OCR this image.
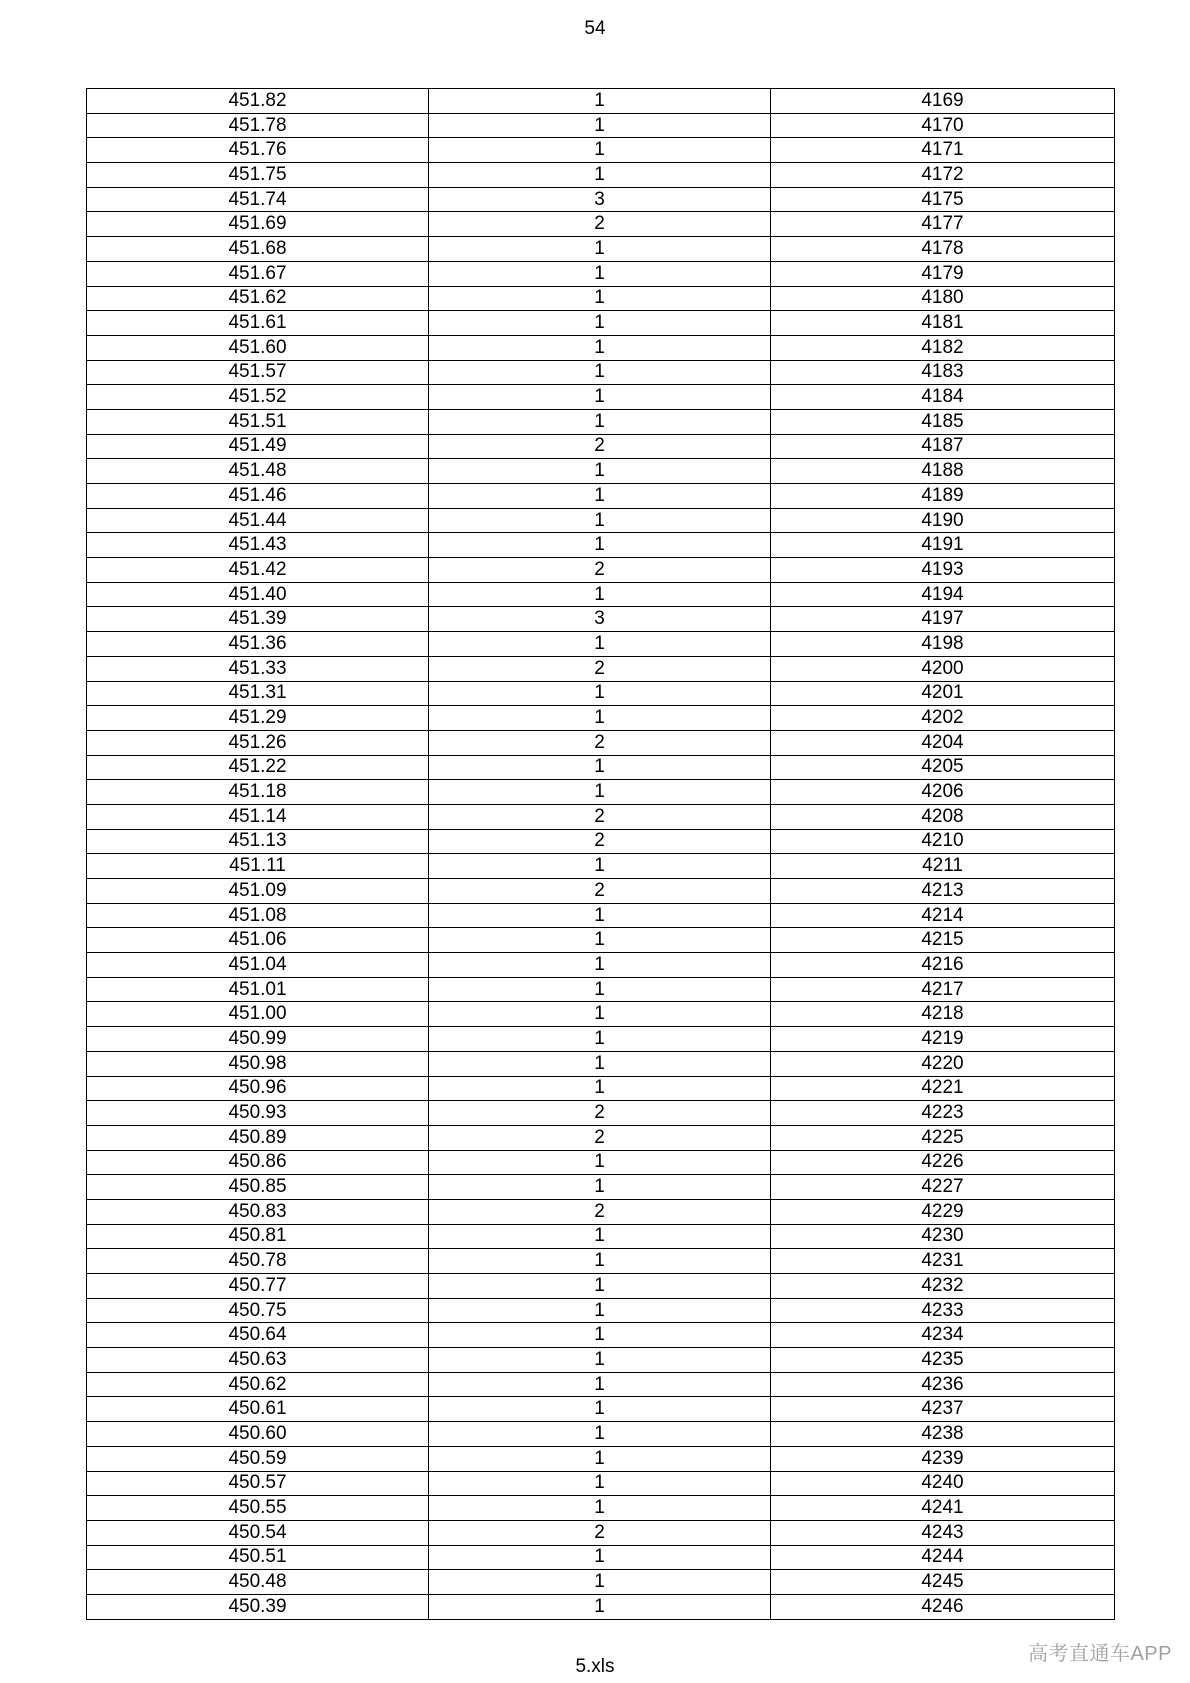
54
451.82	1	4169
451.78	1	4170
451.76	1	4171
451.75	1	4172
451.74	3	4175
451.69	2	4177
451.68	1	4178
451.67	1	4179
451.62	1	4180
451.61	1	4181
451.60	1	4182
451.57	1	4183
451.52	1	4184
451.51	1	4185
451.49	2	4187
451.48	1	4188
451.46	1	4189
451.44	1	4190
451.43	1	4191
451.42	2	4193
451.40	1	4194
451.39	3	4197
451.36	1	4198
451.33	2	4200
451.31	1	4201
451.29	1	4202
451.26	2	4204
451.22	1	4205
451.18	1	4206
451.14	2	4208
451.13	2	4210
451.11	1	4211
451.09	2	4213
451.08	1	4214
451.06	1	4215
451.04	1	4216
451.01	1	4217
451.00	1	4218
450.99	1	4219
450.98	1	4220
450.96	1	4221
450.93	2	4223
450.89	2	4225
450.86	1	4226
450.85	1	4227
450.83	2	4229
450.81	1	4230
450.78	1	4231
450.77	1	4232
450.75	1	4233
450.64	1	4234
450.63	1	4235
450.62	1	4236
450.61	1	4237
450.60	1	4238
450.59	1	4239
450.57	1	4240
450.55	1	4241
450.54	2	4243
450.51	1	4244
450.48	1	4245
450.39	1	4246
5.xls
高考直通车APP
